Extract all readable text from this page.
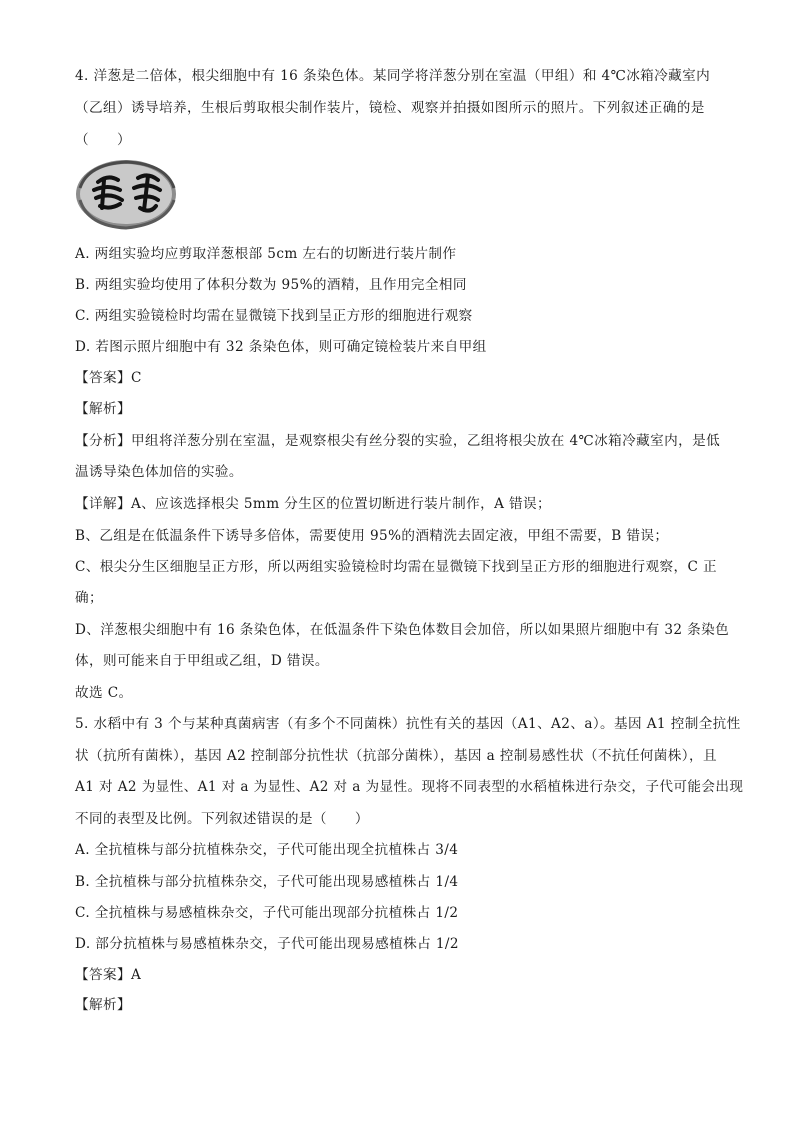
4. 洋葱是二倍体，根尖细胞中有 16 条染色体。某同学将洋葱分别在室温（甲组）和 4℃冰箱冷藏室内
（乙组）诱导培养，生根后剪取根尖制作装片，镜检、观察并拍摄如图所示的照片。下列叙述正确的是
（　　）
A. 两组实验均应剪取洋葱根部 5cm 左右的切断进行装片制作
B. 两组实验均使用了体积分数为 95%的酒精，且作用完全相同
C. 两组实验镜检时均需在显微镜下找到呈正方形的细胞进行观察
D. 若图示照片细胞中有 32 条染色体，则可确定镜检装片来自甲组
【答案】C
【解析】
【分析】甲组将洋葱分别在室温，是观察根尖有丝分裂的实验，乙组将根尖放在 4℃冰箱冷藏室内，是低
温诱导染色体加倍的实验。
【详解】A、应该选择根尖 5mm 分生区的位置切断进行装片制作，A 错误；
B、乙组是在低温条件下诱导多倍体，需要使用 95%的酒精洗去固定液，甲组不需要，B 错误；
C、根尖分生区细胞呈正方形，所以两组实验镜检时均需在显微镜下找到呈正方形的细胞进行观察，C 正
确；
D、洋葱根尖细胞中有 16 条染色体，在低温条件下染色体数目会加倍，所以如果照片细胞中有 32 条染色
体，则可能来自于甲组或乙组，D 错误。
故选 C。
5. 水稻中有 3 个与某种真菌病害（有多个不同菌株）抗性有关的基因（A1、A2、a）。基因 A1 控制全抗性
状（抗所有菌株），基因 A2 控制部分抗性状（抗部分菌株），基因 a 控制易感性状（不抗任何菌株），且
A1 对 A2 为显性、A1 对 a 为显性、A2 对 a 为显性。现将不同表型的水稻植株进行杂交，子代可能会出现
不同的表型及比例。下列叙述错误的是（　　）
A. 全抗植株与部分抗植株杂交，子代可能出现全抗植株占 3/4
B. 全抗植株与部分抗植株杂交，子代可能出现易感植株占 1/4
C. 全抗植株与易感植株杂交，子代可能出现部分抗植株占 1/2
D. 部分抗植株与易感植株杂交，子代可能出现易感植株占 1/2
【答案】A
【解析】
